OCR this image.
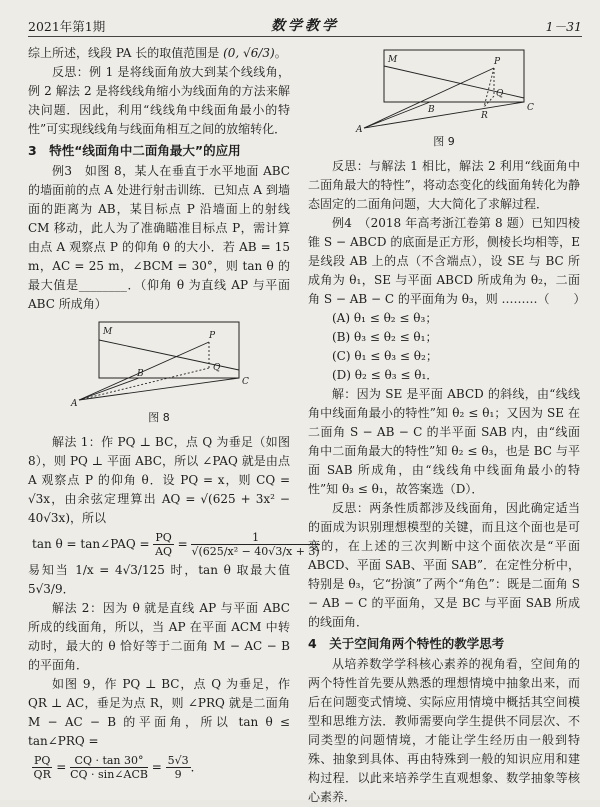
2021年第1期	数学教学	1－31

综上所述，线段 PA 长的取值范围是 (0, √6/3)。

反思：例 1 是将线面角放大到某个线线角，例 2 解法 2 是将线线角缩小为线面角的方法来解决问题．因此，利用“线线角中线面角最小的特性”可实现线线角与线面角相互之间的放缩转化．

3　特性“线面角中二面角最大”的应用

例3　如图 8，某人在垂直于水平地面 ABC 的墙面前的点 A 处进行射击训练．已知点 A 到墙面的距离为 AB，某目标点 P 沿墙面上的射线 CM 移动，此人为了准确瞄准目标点 P，需计算由点 A 观察点 P 的仰角 θ 的大小．若 AB = 15 m，AC = 25 m，∠BCM = 30°，则 tan θ 的最大值是________．（仰角 θ 为直线 AP 与平面 ABC 所成角）

M	P
Q
B
C
A
图 8

解法 1：作 PQ ⊥ BC，点 Q 为垂足（如图 8），则 PQ ⊥ 平面 ABC，所以 ∠PAQ 就是由点 A 观察点 P 的仰角 θ．设 PQ = x，则 CQ = √3x，由余弦定理算出 AQ = √(625 + 3x² − 40√3x)，所以

tan θ = tan∠PAQ = $\frac{PQ}{AQ} = \frac{1}{\text{√(625/x² − 40√3/x + 3)}}$

易知当 1/x = 4√3/125 时，tan θ 取最大值 5√3/9．

解法 2：因为 θ 就是直线 AP 与平面 ABC 所成的线面角，所以，当 AP 在平面 ACM 中转动时，最大的 θ 恰好等于二面角 M − AC − B 的平面角．

如图 9，作 PQ ⊥ BC，点 Q 为垂足，作 QR ⊥ AC，垂足为点 R，则 ∠PRQ 就是二面角 M − AC − B 的平面角，所以 tan θ ≤ tan∠PRQ =

$\frac{PQ}{QR} = \frac{CQ \cdot \tan 30^\circ}{\text{CQ · sin∠ACB}} = \frac{5√3}{9}$ ．
M	P
Q
B
R
C
A
图 9

反思：与解法 1 相比，解法 2 利用“线面角中二面角最大的特性”，将动态变化的线面角转化为静态固定的二面角问题，大大简化了求解过程．

例4　（2018 年高考浙江卷第 8 题）已知四棱锥 S − ABCD 的底面是正方形，侧棱长均相等，E 是线段 AB 上的点（不含端点），设 SE 与 BC 所成角为 θ₁，SE 与平面 ABCD 所成角为 θ₂，二面角 S − AB − C 的平面角为 θ₃，则 ………（　　）

(A) θ₁ ≤ θ₂ ≤ θ₃；
(B) θ₃ ≤ θ₂ ≤ θ₁；
(C) θ₁ ≤ θ₃ ≤ θ₂；
(D) θ₂ ≤ θ₃ ≤ θ₁．

解：因为 SE 是平面 ABCD 的斜线，由“线线角中线面角最小的特性”知 θ₂ ≤ θ₁；又因为 SE 在二面角 S − AB − C 的半平面 SAB 内，由“线面角中二面角最大的特性”知 θ₂ ≤ θ₃，也是 BC 与平面 SAB 所成角，由“线线角中线面角最小的特性”知 θ₃ ≤ θ₁，故答案选（D）．

反思：两条性质都涉及线面角，因此确定适当的面成为识别理想模型的关键，而且这个面也是可变的，在上述的三次判断中这个面依次是“平面 ABCD、平面 SAB、平面 SAB”．在定性分析中，特别是 θ₃，它“扮演”了两个“角色”：既是二面角 S − AB − C 的平面角，又是 BC 与平面 SAB 所成的线面角．

4　关于空间角两个特性的教学思考

从培养数学学科核心素养的视角看，空间角的两个特性首先要从熟悉的理想情境中抽象出来，而后在问题变式情境、实际应用情境中概括其空间模型和思维方法．教师需要向学生提供不同层次、不同类型的问题情境，才能让学生经历由一般到特殊、抽象到具体、再由特殊到一般的知识应用和建构过程．以此来培养学生直观想象、数学抽象等核心素养．
